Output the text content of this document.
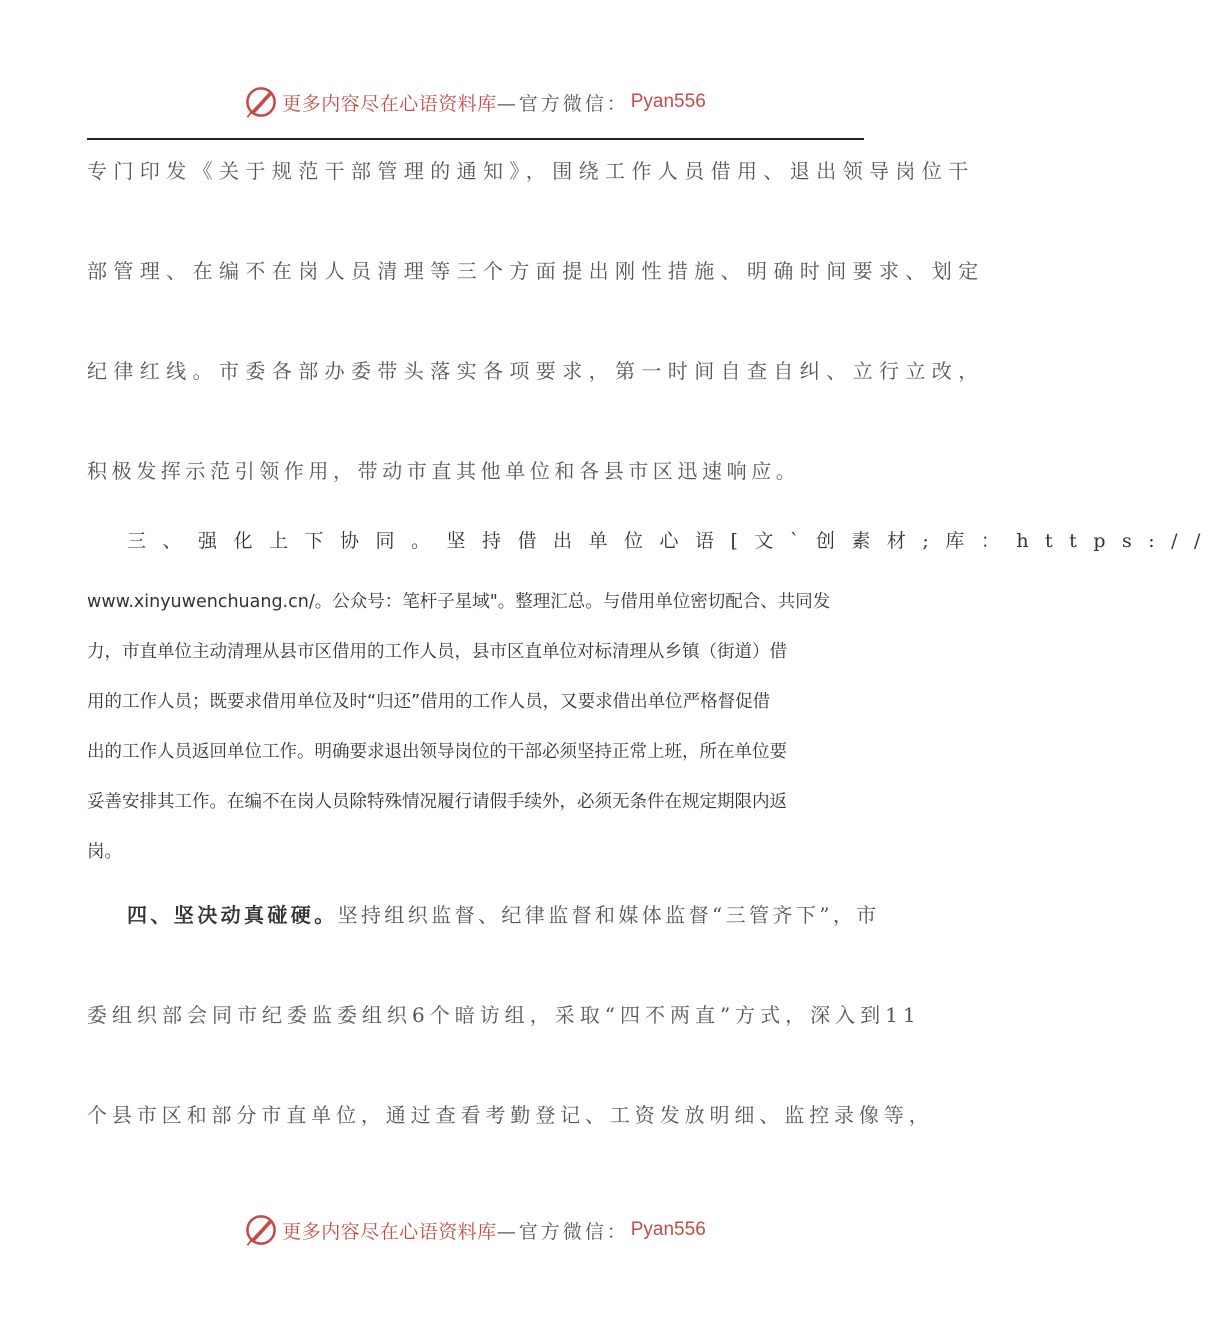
更多内容尽在心语资料库 —官方微信： Pyan556
专门印发《关于规范干部管理的通知》，围绕工作人员借用、退出领导岗位干
部管理、在编不在岗人员清理等三个方面提出刚性措施、明确时间要求、划定
纪律红线。市委各部办委带头落实各项要求，第一时间自查自纠、立行立改，
积极发挥示范引领作用，带动市直其他单位和各县市区迅速响应。
三、强化上下协同。坚持借出单位心语[文`创素材;库：https://
www.xinyuwenchuang.cn/。公众号：笔杆子星域"。整理汇总。与借用单位密切配合、共同发
力，市直单位主动清理从县市区借用的工作人员，县市区直单位对标清理从乡镇（街道）借
用的工作人员；既要求借用单位及时“归还”借用的工作人员，又要求借出单位严格督促借
出的工作人员返回单位工作。明确要求退出领导岗位的干部必须坚持正常上班，所在单位要
妥善安排其工作。在编不在岗人员除特殊情况履行请假手续外，必须无条件在规定期限内返
岗。
四、坚决动真碰硬。坚持组织监督、纪律监督和媒体监督“三管齐下”，市
委组织部会同市纪委监委组织6个暗访组，采取“四不两直”方式，深入到11
个县市区和部分市直单位，通过查看考勤登记、工资发放明细、监控录像等，
更多内容尽在心语资料库 —官方微信： Pyan556
